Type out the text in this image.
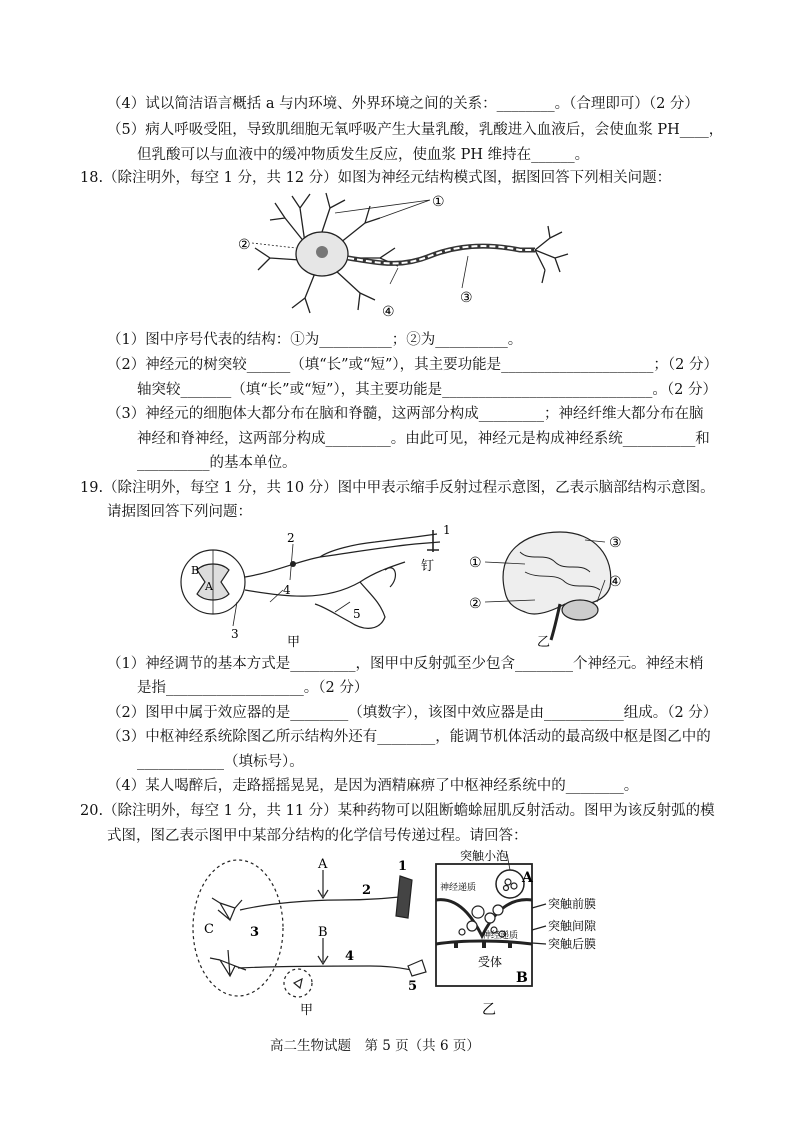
（4）试以简洁语言概括 a 与内环境、外界环境之间的关系：________。（合理即可）（2 分）
（5）病人呼吸受阻，导致肌细胞无氧呼吸产生大量乳酸，乳酸进入血液后，会使血浆 PH____，
但乳酸可以与血液中的缓冲物质发生反应，使血浆 PH 维持在______。
18.（除注明外，每空 1 分，共 12 分）如图为神经元结构模式图，据图回答下列相关问题：
①
②
③
④
（1）图中序号代表的结构：①为__________；②为__________。
（2）神经元的树突较______（填“长”或“短”），其主要功能是_____________________；（2 分）
轴突较_______（填“长”或“短”），其主要功能是_____________________________。（2 分）
（3）神经元的细胞体大都分布在脑和脊髓，这两部分构成_________；神经纤维大都分布在脑
神经和脊神经，这两部分构成_________。由此可见，神经元是构成神经系统__________和
__________的基本单位。
19.（除注明外，每空 1 分，共 10 分）图中甲表示缩手反射过程示意图，乙表示脑部结构示意图。
请据图回答下列问题：
B
A
1
2
3
4
5
钉
甲
①
②
③
④
乙
（1）神经调节的基本方式是_________，图甲中反射弧至少包含________个神经元。神经末梢
是指___________________。（2 分）
（2）图甲中属于效应器的是________（填数字），该图中效应器是由___________组成。（2 分）
（3）中枢神经系统除图乙所示结构外还有________，能调节机体活动的最高级中枢是图乙中的
____________（填标号）。
（4）某人喝醉后，走路摇摇晃晃，是因为酒精麻痹了中枢神经系统中的________。
20.（除注明外，每空 1 分，共 11 分）某种药物可以阻断蟾蜍屈肌反射活动。图甲为该反射弧的模
式图，图乙表示图甲中某部分结构的化学信号传递过程。请回答：
A
B
C
1
2
3
4
5
甲
突触小泡
神经递质
神经递质
A
B
突触前膜
突触间隙
突触后膜
受体
乙
高二生物试题　第 5 页（共 6 页）
